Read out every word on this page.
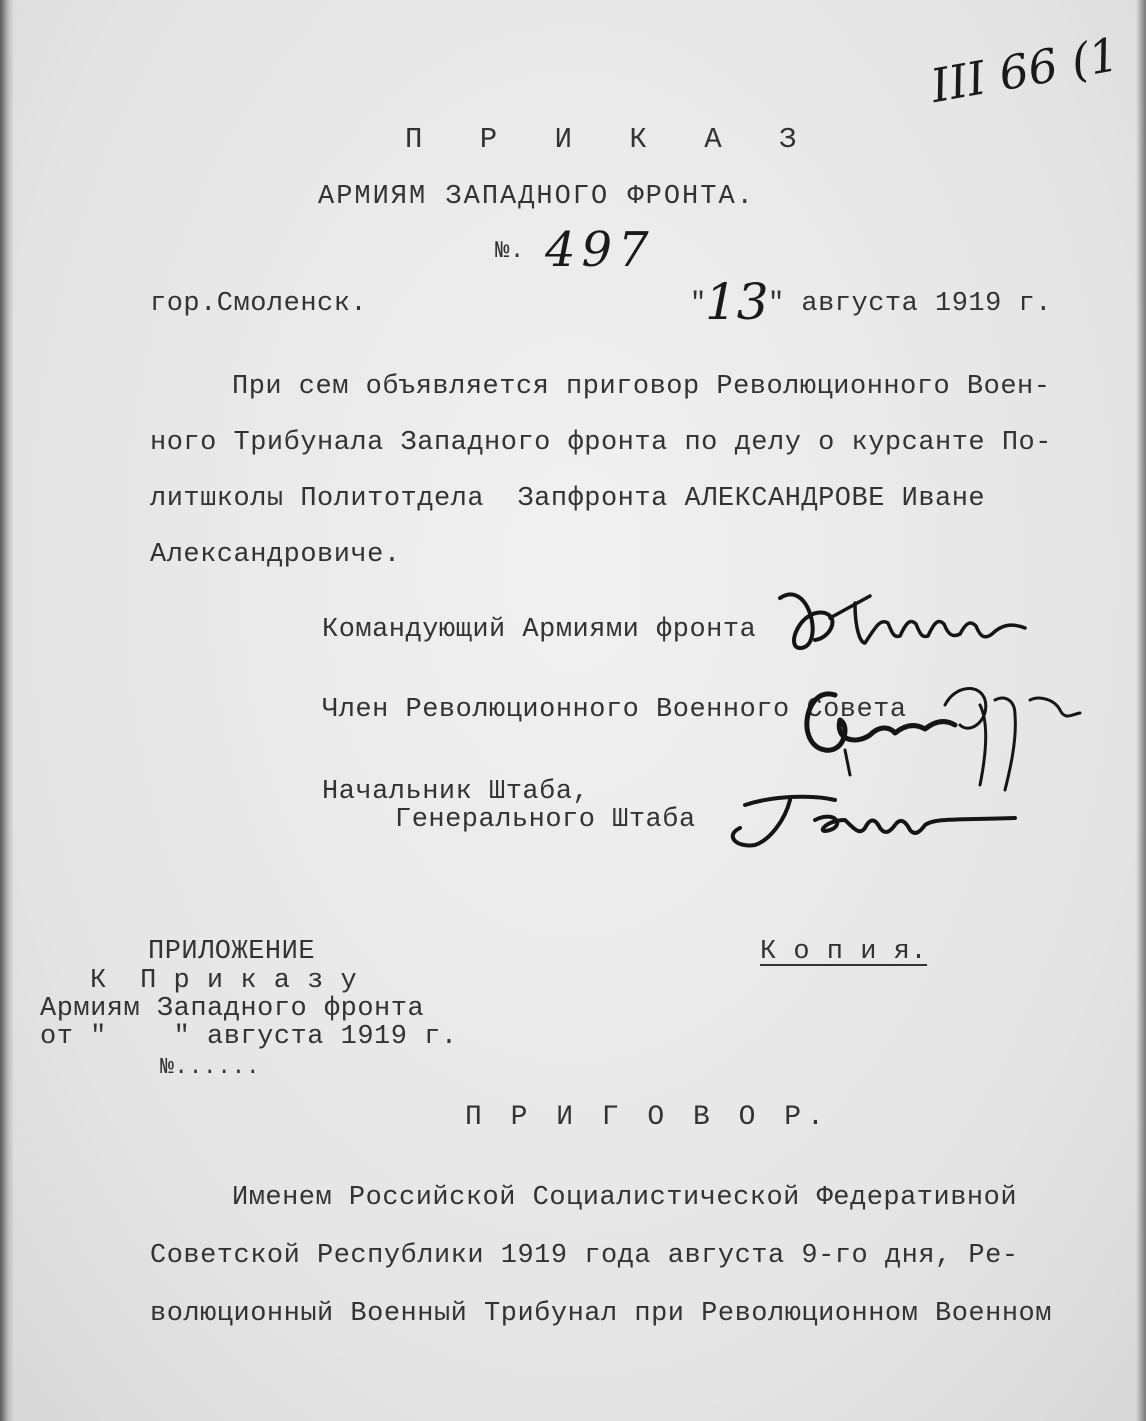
III 66 (1
П Р И К А З
АРМИЯМ ЗАПАДНОГО ФРОНТА.
№. 497
гор.Смоленск.	"
13 " августа 1919 г.
При сем объявляется приговор Революционного Воен-
ного Трибунала Западного фронта по делу о курсанте По-
литшколы Политотдела  Запфронта АЛЕКСАНДРОВЕ Иване
Александровиче.
Командующий Армиями фронта
Член Революционного Военного Совета
Начальник Штаба,
Генерального Штаба
ПРИЛОЖЕНИЕ
К  П р и к а з у
Армиям Западного фронта
от "    " августа 1919 г.
№......
К о п и я.
П Р И Г О В О Р.
Именем Российской Социалистической Федеративной
Советской Республики 1919 года августа 9-го дня, Ре-
волюционный Военный Трибунал при Революционном Военном
